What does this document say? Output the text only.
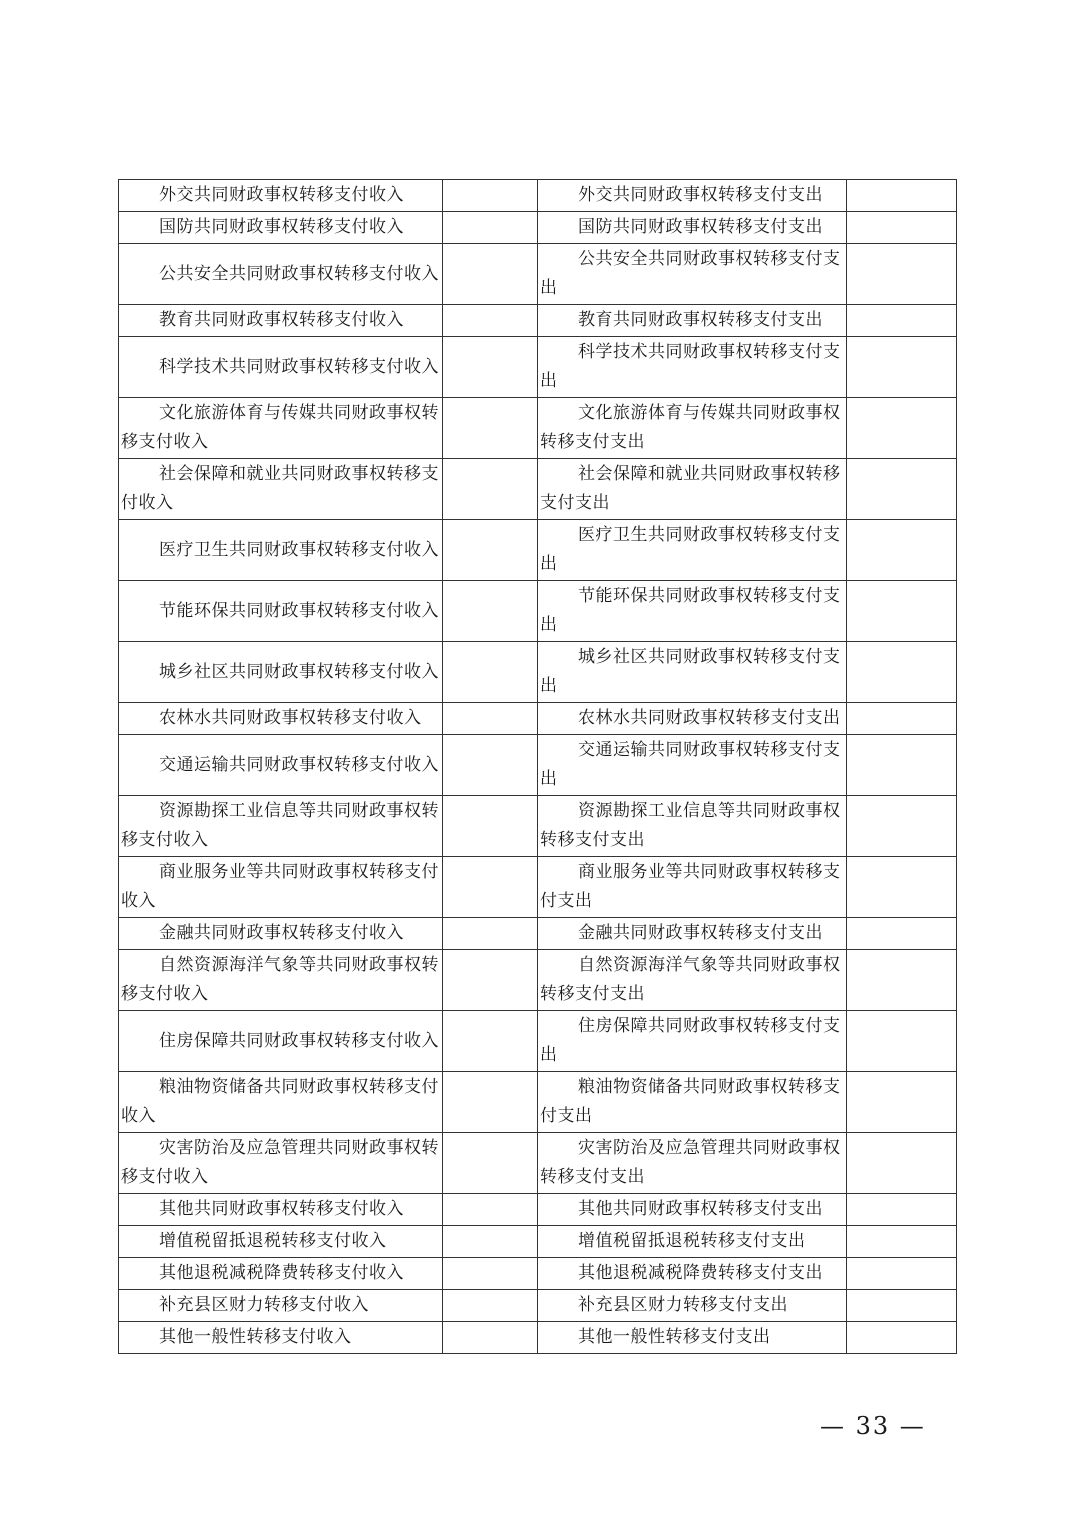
外交共同财政事权转移支付收入		外交共同财政事权转移支付支出	
国防共同财政事权转移支付收入		国防共同财政事权转移支付支出	
公共安全共同财政事权转移支付收入		公共安全共同财政事权转移支付支出	
教育共同财政事权转移支付收入		教育共同财政事权转移支付支出	
科学技术共同财政事权转移支付收入		科学技术共同财政事权转移支付支出	
文化旅游体育与传媒共同财政事权转移支付收入		文化旅游体育与传媒共同财政事权转移支付支出	
社会保障和就业共同财政事权转移支付收入		社会保障和就业共同财政事权转移支付支出	
医疗卫生共同财政事权转移支付收入		医疗卫生共同财政事权转移支付支出	
节能环保共同财政事权转移支付收入		节能环保共同财政事权转移支付支出	
城乡社区共同财政事权转移支付收入		城乡社区共同财政事权转移支付支出	
农林水共同财政事权转移支付收入		农林水共同财政事权转移支付支出	
交通运输共同财政事权转移支付收入		交通运输共同财政事权转移支付支出	
资源勘探工业信息等共同财政事权转移支付收入		资源勘探工业信息等共同财政事权转移支付支出	
商业服务业等共同财政事权转移支付收入		商业服务业等共同财政事权转移支付支出	
金融共同财政事权转移支付收入		金融共同财政事权转移支付支出	
自然资源海洋气象等共同财政事权转移支付收入		自然资源海洋气象等共同财政事权转移支付支出	
住房保障共同财政事权转移支付收入		住房保障共同财政事权转移支付支出	
粮油物资储备共同财政事权转移支付收入		粮油物资储备共同财政事权转移支付支出	
灾害防治及应急管理共同财政事权转移支付收入		灾害防治及应急管理共同财政事权转移支付支出	
其他共同财政事权转移支付收入		其他共同财政事权转移支付支出	
增值税留抵退税转移支付收入		增值税留抵退税转移支付支出	
其他退税减税降费转移支付收入		其他退税减税降费转移支付支出	
补充县区财力转移支付收入		补充县区财力转移支付支出	
其他一般性转移支付收入		其他一般性转移支付支出	
— 33 —
